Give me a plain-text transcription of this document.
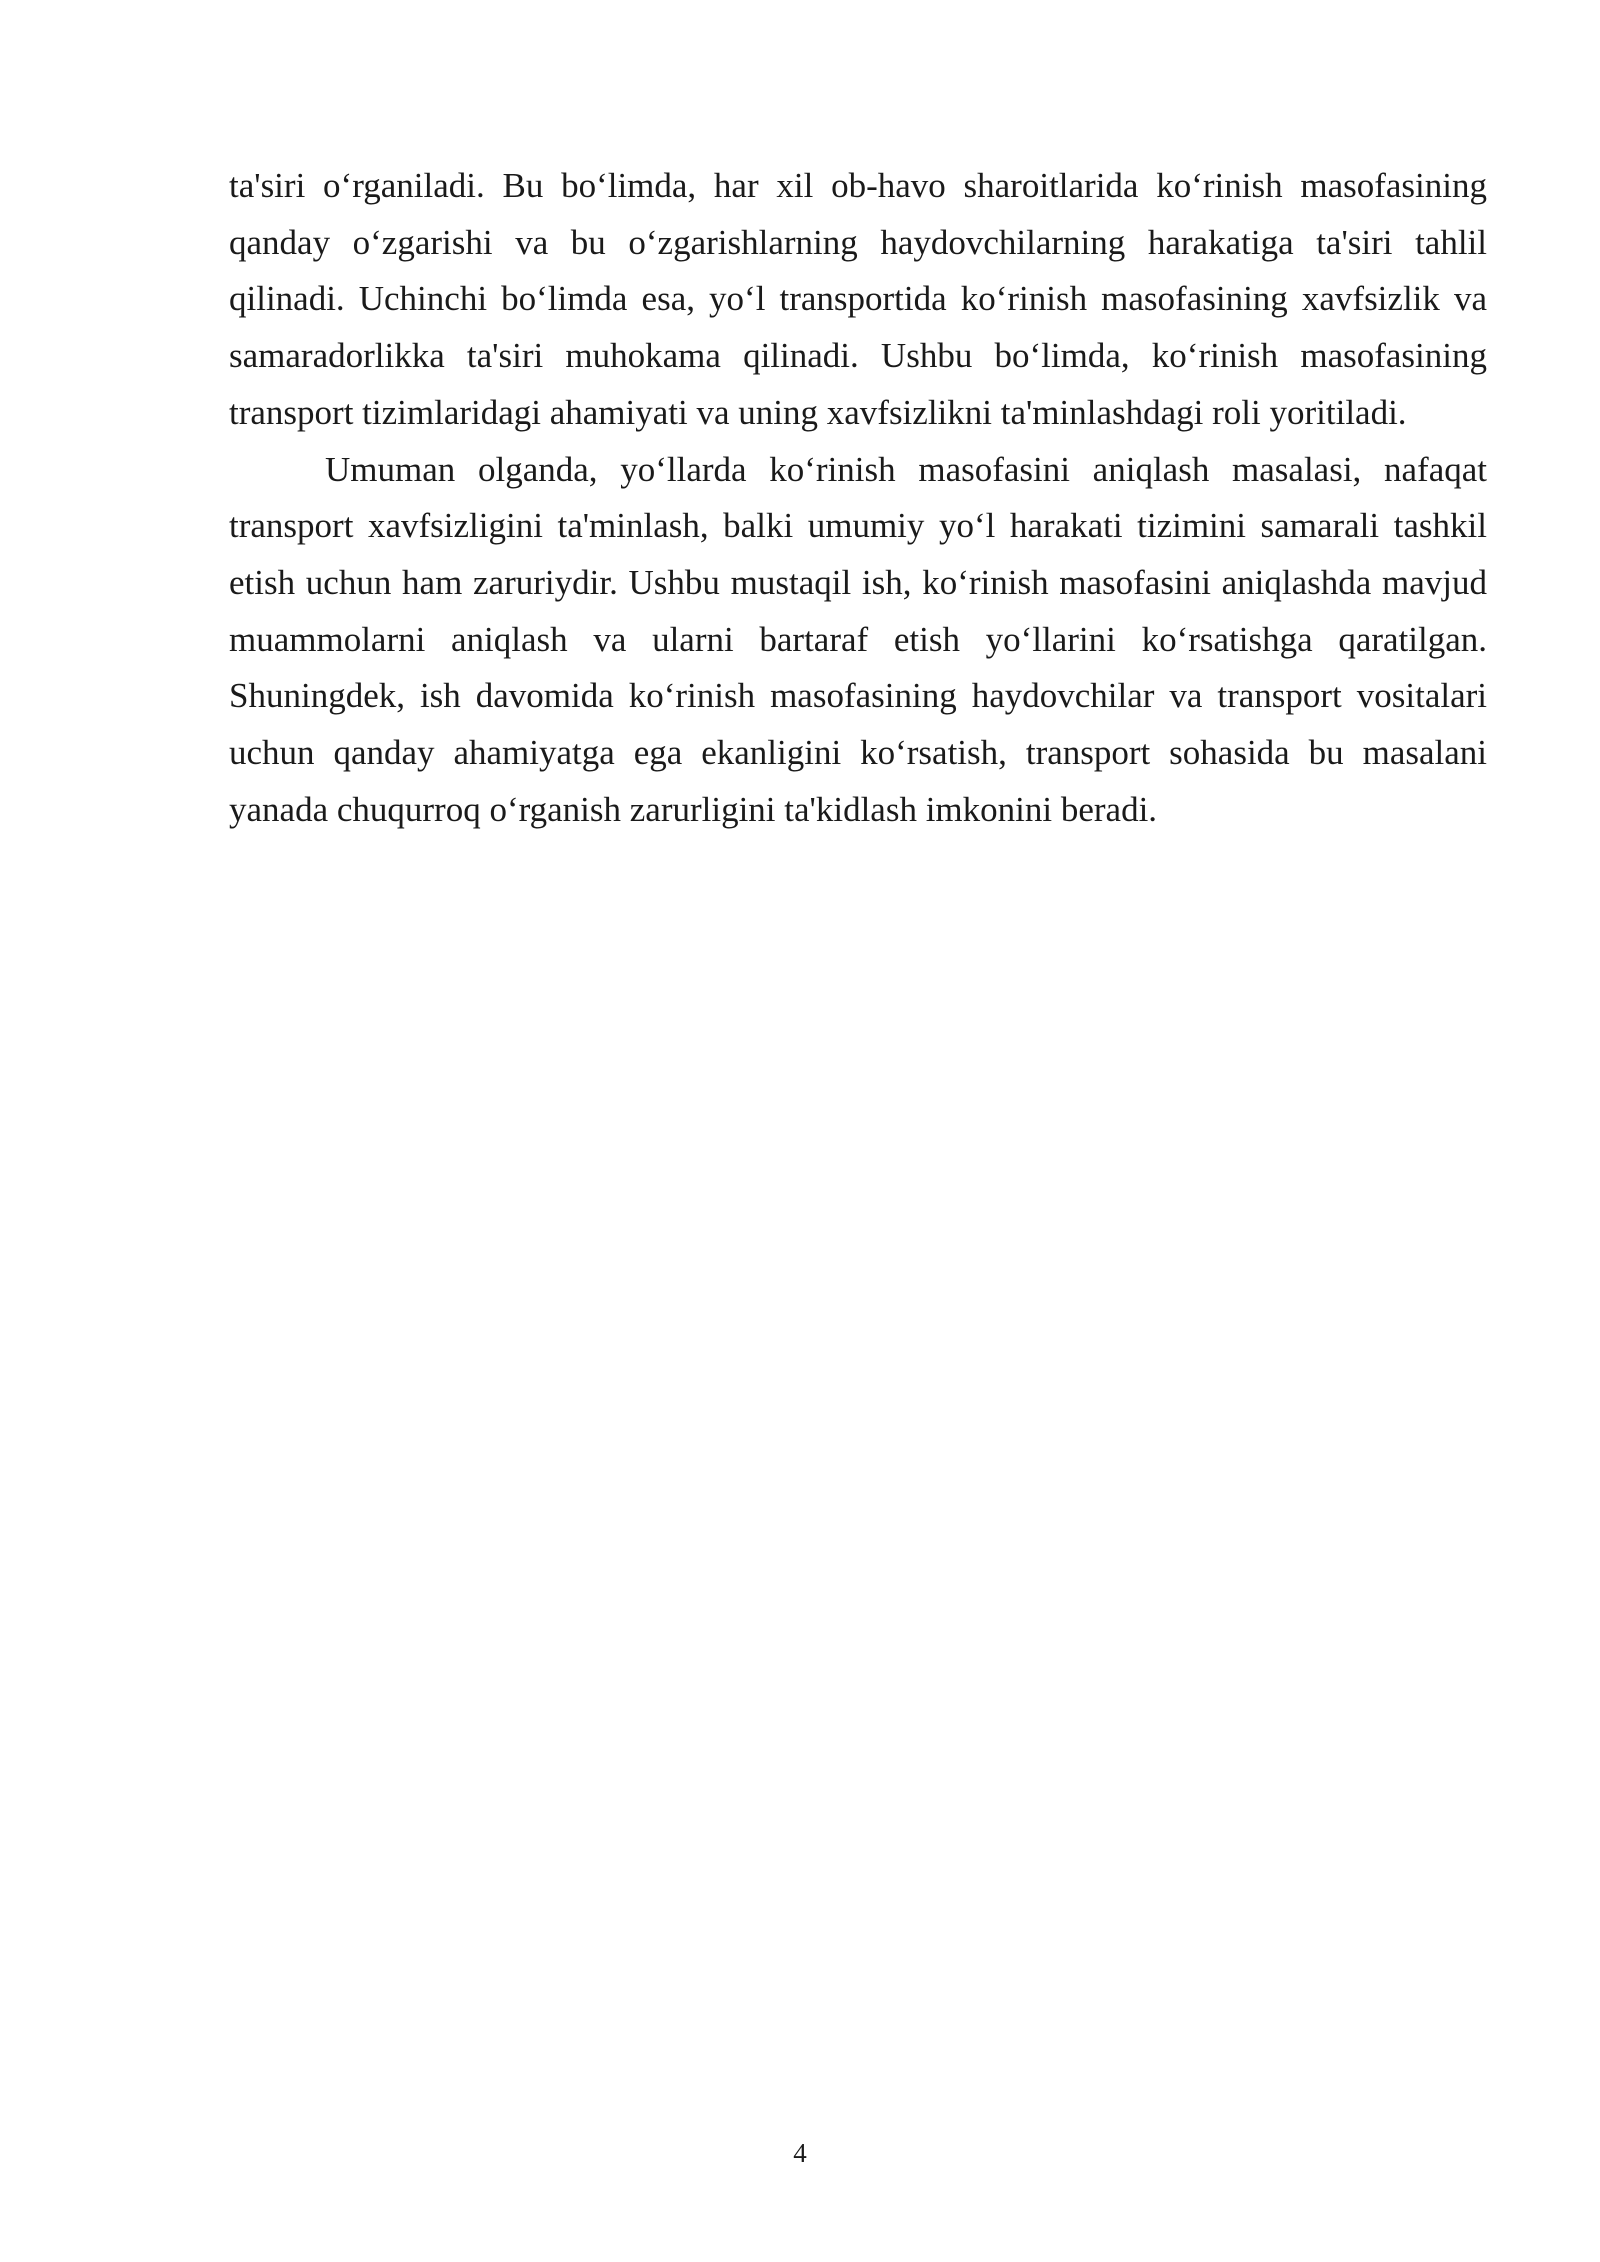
ta'siri o‘rganiladi. Bu bo‘limda, har xil ob-havo sharoitlarida ko‘rinish masofasining qanday o‘zgarishi va bu o‘zgarishlarning haydovchilarning harakatiga ta'siri tahlil qilinadi. Uchinchi bo‘limda esa, yo‘l transportida ko‘rinish masofasining xavfsizlik va samaradorlikka ta'siri muhokama qilinadi. Ushbu bo‘limda, ko‘rinish masofasining transport tizimlaridagi ahamiyati va uning xavfsizlikni ta'minlashdagi roli yoritiladi.

Umuman olganda, yo‘llarda ko‘rinish masofasini aniqlash masalasi, nafaqat transport xavfsizligini ta'minlash, balki umumiy yo‘l harakati tizimini samarali tashkil etish uchun ham zaruriydir. Ushbu mustaqil ish, ko‘rinish masofasini aniqlashda mavjud muammolarni aniqlash va ularni bartaraf etish yo‘llarini ko‘rsatishga qaratilgan. Shuningdek, ish davomida ko‘rinish masofasining haydovchilar va transport vositalari uchun qanday ahamiyatga ega ekanligini ko‘rsatish, transport sohasida bu masalani yanada chuqurroq o‘rganish zarurligini ta'kidlash imkonini beradi.

4
